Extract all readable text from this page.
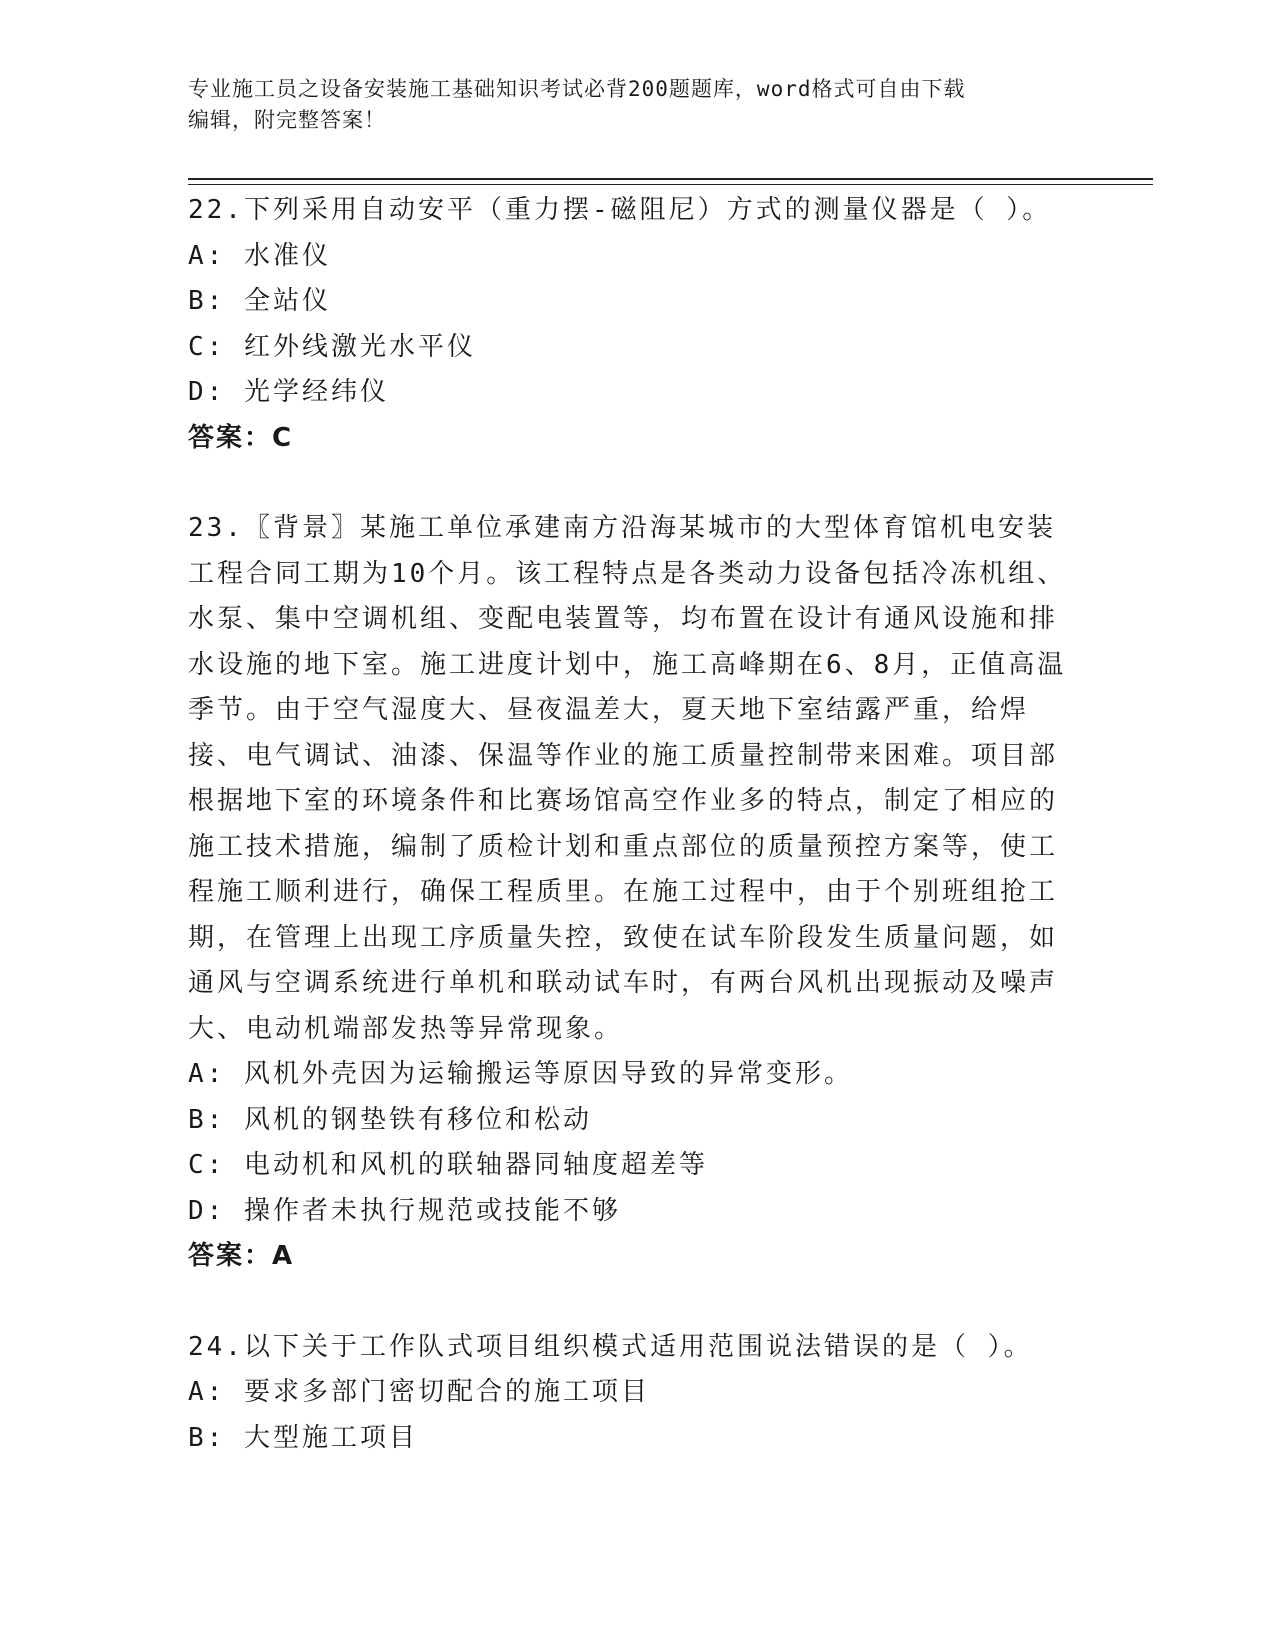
专业施工员之设备安装施工基础知识考试必背200题题库，word格式可自由下载
编辑，附完整答案！
22.下列采用自动安平（重力摆-磁阻尼）方式的测量仪器是（ ）。
A: 水准仪
B: 全站仪
C: 红外线激光水平仪
D: 光学经纬仪
答案：C
23.〖背景〗某施工单位承建南方沿海某城市的大型体育馆机电安装工程合同工期为10个月。该工程特点是各类动力设备包括冷冻机组、水泵、集中空调机组、变配电装置等，均布置在设计有通风设施和排水设施的地下室。施工进度计划中，施工高峰期在6、8月，正值高温季节。由于空气湿度大、昼夜温差大，夏天地下室结露严重，给焊接、电气调试、油漆、保温等作业的施工质量控制带来困难。项目部根据地下室的环境条件和比赛场馆高空作业多的特点，制定了相应的施工技术措施，编制了质检计划和重点部位的质量预控方案等，使工程施工顺利进行，确保工程质里。在施工过程中，由于个别班组抢工期，在管理上出现工序质量失控，致使在试车阶段发生质量问题，如通风与空调系统进行单机和联动试车时，有两台风机出现振动及噪声大、电动机端部发热等异常现象。
A: 风机外壳因为运输搬运等原因导致的异常变形。
B: 风机的钢垫铁有移位和松动
C: 电动机和风机的联轴器同轴度超差等
D: 操作者未执行规范或技能不够
答案：A
24.以下关于工作队式项目组织模式适用范围说法错误的是（ ）。
A: 要求多部门密切配合的施工项目
B: 大型施工项目
